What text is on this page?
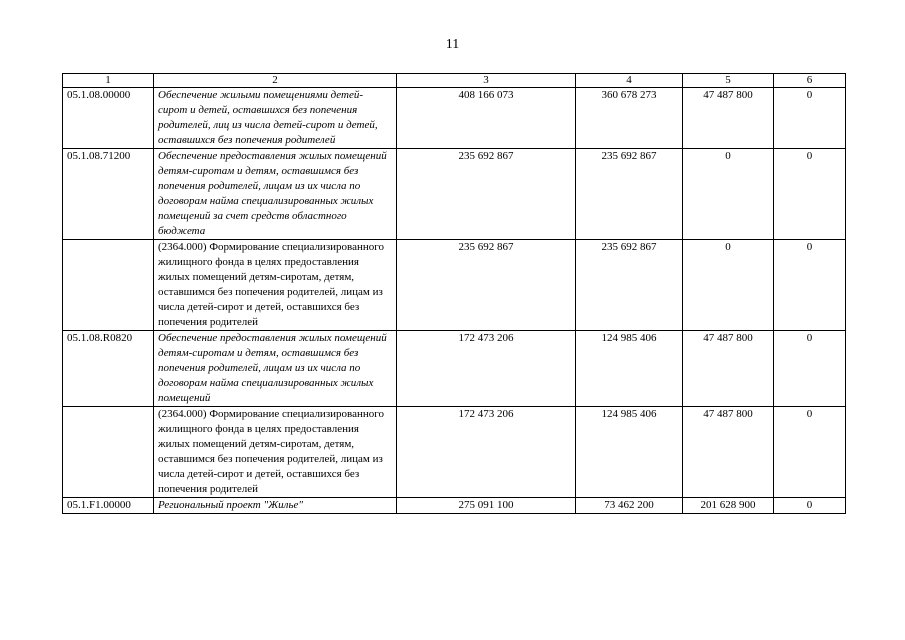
11
1	2	3	4	5	6
05.1.08.00000	Обеспечение жилыми помещениями детей-сирот и детей, оставшихся без попечения родителей, лиц из числа детей-сирот и детей, оставшихся без попечения родителей	408 166 073	360 678 273	47 487 800	0
05.1.08.71200	Обеспечение предоставления жилых помещений детям-сиротам и детям, оставшимся без попечения родителей, лицам из их числа по договорам найма специализированных жилых помещений за счет средств областного бюджета	235 692 867	235 692 867	0	0
	(2364.000) Формирование специализированного жилищного фонда в целях предоставления жилых помещений детям-сиротам, детям, оставшимся без попечения родителей, лицам из числа детей-сирот и детей, оставшихся без попечения родителей	235 692 867	235 692 867	0	0
05.1.08.R0820	Обеспечение предоставления жилых помещений детям-сиротам и детям, оставшимся без попечения родителей, лицам из их числа по договорам найма специализированных жилых помещений	172 473 206	124 985 406	47 487 800	0
	(2364.000) Формирование специализированного жилищного фонда в целях предоставления жилых помещений детям-сиротам, детям, оставшимся без попечения родителей, лицам из числа детей-сирот и детей, оставшихся без попечения родителей	172 473 206	124 985 406	47 487 800	0
05.1.F1.00000	Региональный проект "Жилье"	275 091 100	73 462 200	201 628 900	0
